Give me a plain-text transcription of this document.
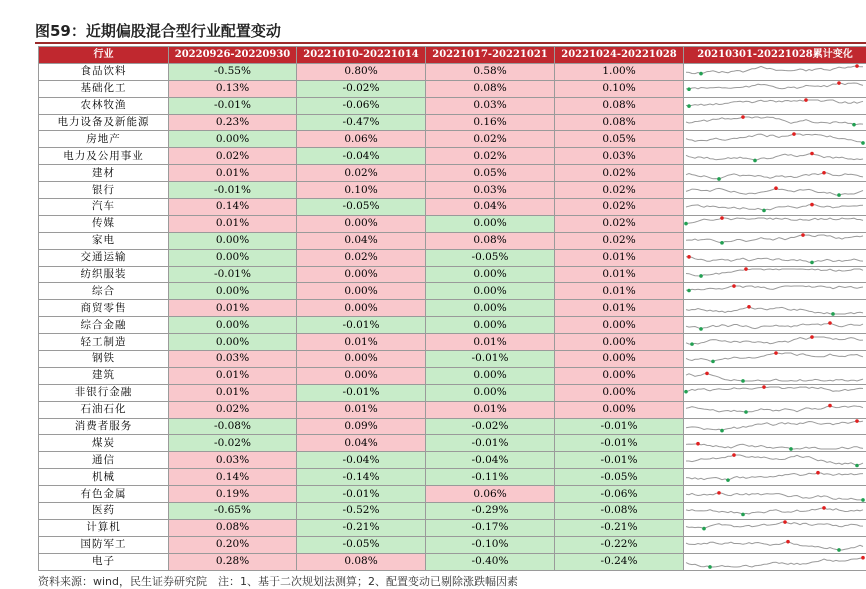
图59：近期偏股混合型行业配置变动
行业	20220926-20220930	20221010-20221014	20221017-20221021	20221024-20221028	20210301-20221028累计变化
食品饮料	-0.55%	0.80%	0.58%	1.00%	

基础化工	0.13%	-0.02%	0.08%	0.10%	

农林牧渔	-0.01%	-0.06%	0.03%	0.08%	

电力设备及新能源	0.23%	-0.47%	0.16%	0.08%	

房地产	0.00%	0.06%	0.02%	0.05%	

电力及公用事业	0.02%	-0.04%	0.02%	0.03%	

建材	0.01%	0.02%	0.05%	0.02%	

银行	-0.01%	0.10%	0.03%	0.02%	

汽车	0.14%	-0.05%	0.04%	0.02%	

传媒	0.01%	0.00%	0.00%	0.02%	

家电	0.00%	0.04%	0.08%	0.02%	

交通运输	0.00%	0.02%	-0.05%	0.01%	

纺织服装	-0.01%	0.00%	0.00%	0.01%	

综合	0.00%	0.00%	0.00%	0.01%	

商贸零售	0.01%	0.00%	0.00%	0.01%	

综合金融	0.00%	-0.01%	0.00%	0.00%	

轻工制造	0.00%	0.01%	0.01%	0.00%	

钢铁	0.03%	0.00%	-0.01%	0.00%	

建筑	0.01%	0.00%	0.00%	0.00%	

非银行金融	0.01%	-0.01%	0.00%	0.00%	

石油石化	0.02%	0.01%	0.01%	0.00%	

消费者服务	-0.08%	0.09%	-0.02%	-0.01%	

煤炭	-0.02%	0.04%	-0.01%	-0.01%	

通信	0.03%	-0.04%	-0.04%	-0.01%	

机械	0.14%	-0.14%	-0.11%	-0.05%	

有色金属	0.19%	-0.01%	0.06%	-0.06%	

医药	-0.65%	-0.52%	-0.29%	-0.08%	

计算机	0.08%	-0.21%	-0.17%	-0.21%	

国防军工	0.20%	-0.05%	-0.10%	-0.22%	

电子	0.28%	0.08%	-0.40%	-0.24%	
资料来源：wind，民生证券研究院　注：1、基于二次规划法测算；2、配置变动已剔除涨跌幅因素
